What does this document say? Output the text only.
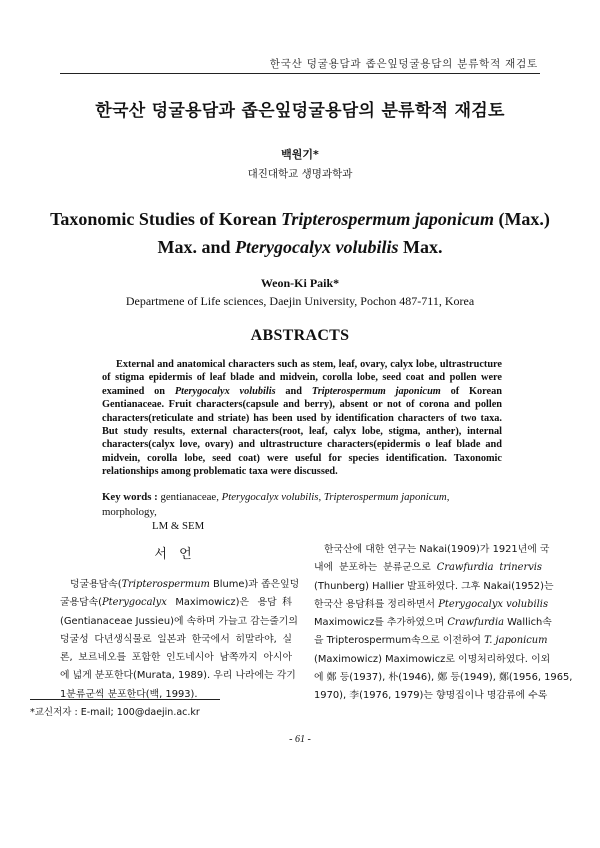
한국산 덩굴용담과 좁은잎덩굴용담의 분류학적 재검토
한국산 덩굴용담과 좁은잎덩굴용담의 분류학적 재검토
백원기*
대진대학교 생명과학과
Taxonomic Studies of Korean Tripterospermum japonicum (Max.)
Max. and Pterygocalyx volubilis Max.
Weon-Ki Paik*
Departmene of Life sciences, Daejin University, Pochon 487-711, Korea
ABSTRACTS
External and anatomical characters such as stem, leaf, ovary, calyx lobe, ultrastructure of stigma epidermis of leaf blade and midvein, corolla lobe, seed coat and pollen were examined on Pterygocalyx volubilis and Tripterospermum japonicum of Korean Gentianaceae. Fruit characters(capsule and berry), absent or not of corona and pollen characters(reticulate and striate) has been used by identification characters of two taxa. But study results, external characters(root, leaf, calyx lobe, stigma, anther), internal characters(calyx love, ovary) and ultrastructure characters(epidermis o leaf blade and midvein, corolla lobe, seed coat) were useful for species identification. Taxonomic relationships among problematic taxa were discussed.
Key words : gentianaceae, Pterygocalyx volubilis, Tripterospermum japonicum, morphology,
LM & SEM
서 언
덩굴용담속(Tripterospermum Blume)과 좁은잎덩
굴용담속(Pterygocalyx Maximowicz)은 용담科
(Gentianaceae Jussieu)에 속하며 가늘고 감는줄기의
덩굴성 다년생식물로 일본과 한국에서 히말라야, 실
론, 보르네오를 포함한 인도네시아 남쪽까지 아시아
에 넓게 분포한다(Murata, 1989). 우리 나라에는 각기
1분류군씩 분포한다(백, 1993).
한국산에 대한 연구는 Nakai(1909)가 1921년에 국
내에 분포하는 분류군으로 Crawfurdia trinervis
(Thunberg) Hallier 발표하였다. 그후 Nakai(1952)는
한국산 용담科를 정리하면서 Pterygocalyx volubilis
Maximowicz를 추가하였으며 Crawfurdia Wallich속
을 Tripterospermum속으로 이전하여 T. japonicum
(Maximowicz) Maximowicz로 이명처리하였다. 이외
에 鄭 등(1937), 朴(1946), 鄭 등(1949), 鄭(1956, 1965,
1970), 李(1976, 1979)는 향명집이나 명감류에 수록
*교신저자 : E-mail; 100@daejin.ac.kr
- 61 -
